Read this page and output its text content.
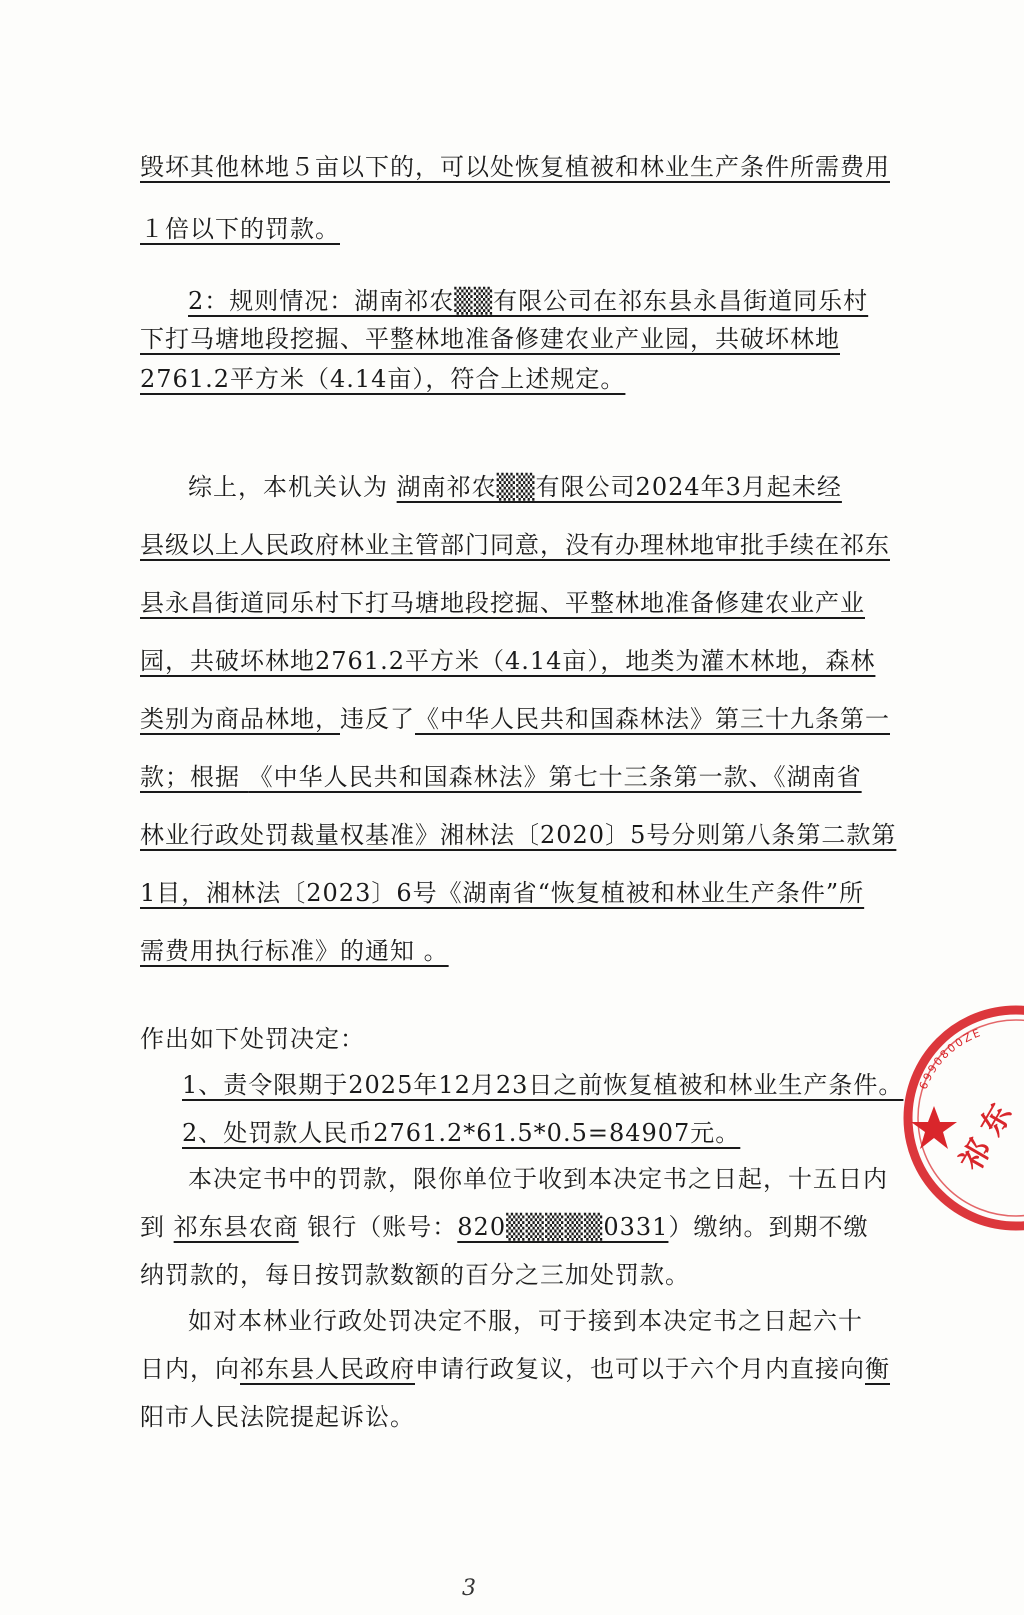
毁坏其他林地５亩以下的，可以处恢复植被和林业生产条件所需费用
１倍以下的罚款。
2：规则情况：湖南祁农▒▒有限公司在祁东县永昌街道同乐村
下打马塘地段挖掘、平整林地准备修建农业产业园，共破坏林地
2761.2平方米（4.14亩），符合上述规定。
综上，本机关认为 湖南祁农▒▒有限公司2024年3月起未经
县级以上人民政府林业主管部门同意，没有办理林地审批手续在祁东
县永昌街道同乐村下打马塘地段挖掘、平整林地准备修建农业产业
园，共破坏林地2761.2平方米（4.14亩），地类为灌木林地，森林
类别为商品林地，违反了《中华人民共和国森林法》第三十九条第一
款；根据 《中华人民共和国森林法》第七十三条第一款、《湖南省
林业行政处罚裁量权基准》湘林法〔2020〕5号分则第八条第二款第
1目，湘林法〔2023〕6号《湖南省“恢复植被和林业生产条件”所
需费用执行标准》的通知 。
作出如下处罚决定：
1、责令限期于2025年12月23日之前恢复植被和林业生产条件。
2、处罚款人民币2761.2*61.5*0.5=84907元。
本决定书中的罚款，限你单位于收到本决定书之日起，十五日内
到 祁东县农商 银行（账号：820▒▒▒▒▒0331）缴纳。到期不缴
纳罚款的，每日按罚款数额的百分之三加处罚款。
如对本林业行政处罚决定不服，可于接到本决定书之日起六十
日内，向祁东县人民政府申请行政复议，也可以于六个月内直接向衡
阳市人民法院提起诉讼。
3
6990800ZE
祁 东
